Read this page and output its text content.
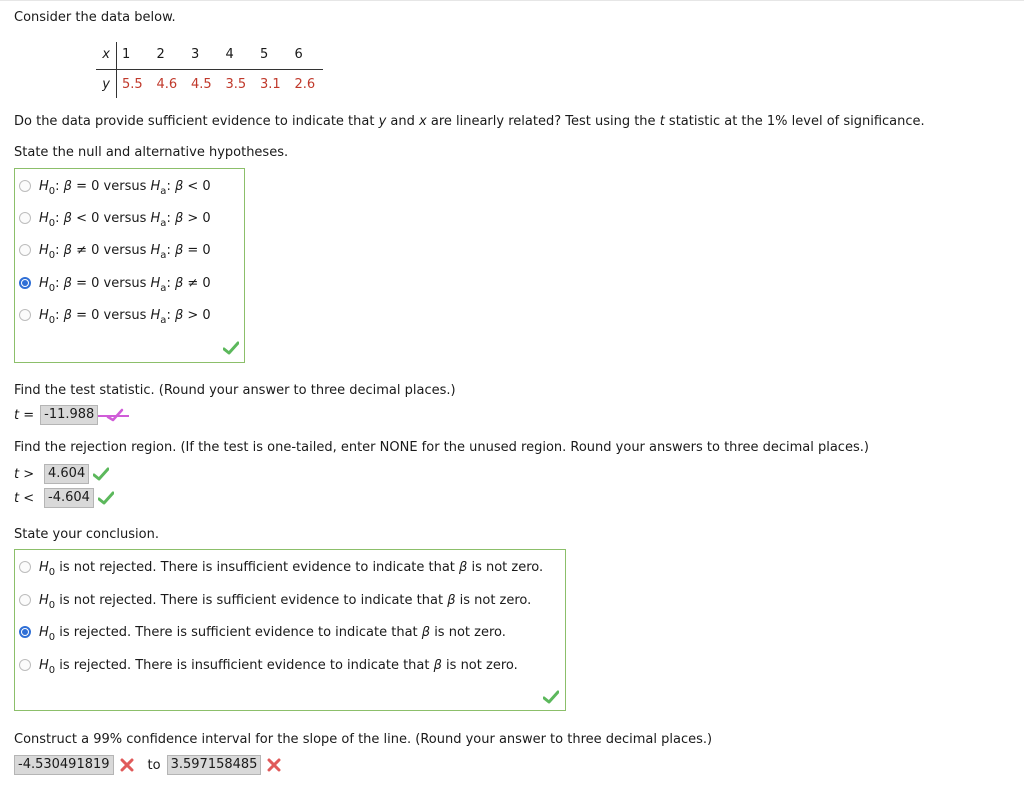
Consider the data below.
x 1	2	3	4	5	6
y 5.5	4.6	4.5	3.5	3.1	2.6
Do the data provide sufficient evidence to indicate that y and x are linearly related? Test using the t statistic at the 1% level of significance.
State the null and alternative hypotheses.
$H_0$: β = 0 versus $H_a$: β < 0
$H_0$: β < 0 versus $H_a$: β > 0
$H_0$: β ≠ 0 versus $H_a$: β = 0
$H_0$: β = 0 versus $H_a$: β ≠ 0
$H_0$: β = 0 versus $H_a$: β > 0
Find the test statistic. (Round your answer to three decimal places.)
t = -11.988
Find the rejection region. (If the test is one-tailed, enter NONE for the unused region. Round your answers to three decimal places.)
t >	4.604
t <	-4.604
State your conclusion.
$H_0$ is not rejected. There is insufficient evidence to indicate that β is not zero.
$H_0$ is not rejected. There is sufficient evidence to indicate that β is not zero.
$H_0$ is rejected. There is sufficient evidence to indicate that β is not zero.
$H_0$ is rejected. There is insufficient evidence to indicate that β is not zero.
Construct a 99% confidence interval for the slope of the line. (Round your answer to three decimal places.)
-4.530491819	to 3.597158485
